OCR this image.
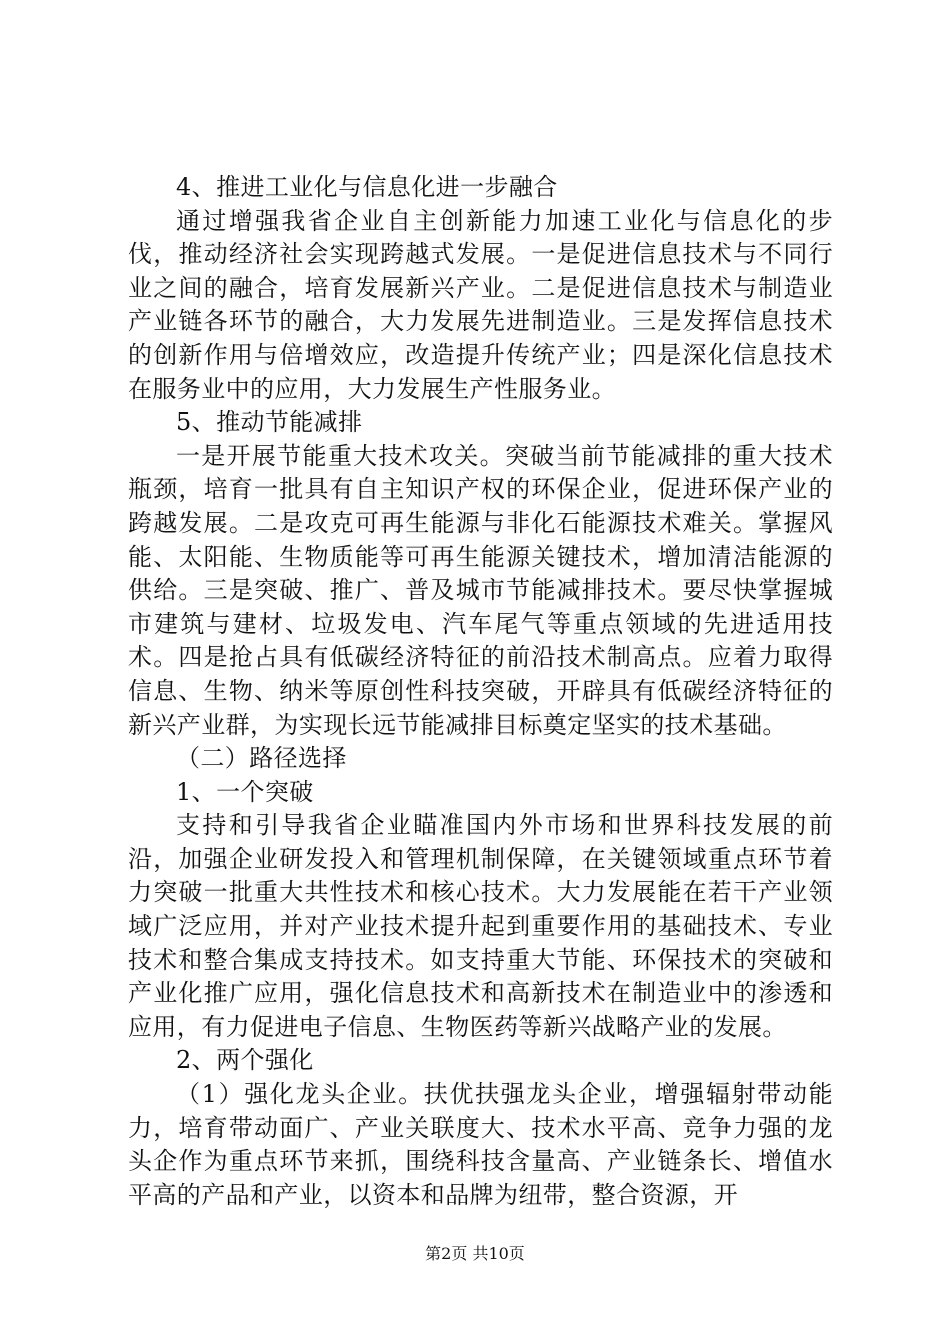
4、推进工业化与信息化进一步融合

通过增强我省企业自主创新能力加速工业化与信息化的步伐，推动经济社会实现跨越式发展。一是促进信息技术与不同行业之间的融合，培育发展新兴产业。二是促进信息技术与制造业产业链各环节的融合，大力发展先进制造业。三是发挥信息技术的创新作用与倍增效应，改造提升传统产业；四是深化信息技术在服务业中的应用，大力发展生产性服务业。

5、推动节能减排

一是开展节能重大技术攻关。突破当前节能减排的重大技术瓶颈，培育一批具有自主知识产权的环保企业，促进环保产业的跨越发展。二是攻克可再生能源与非化石能源技术难关。掌握风能、太阳能、生物质能等可再生能源关键技术，增加清洁能源的供给。三是突破、推广、普及城市节能减排技术。要尽快掌握城市建筑与建材、垃圾发电、汽车尾气等重点领域的先进适用技术。四是抢占具有低碳经济特征的前沿技术制高点。应着力取得信息、生物、纳米等原创性科技突破，开辟具有低碳经济特征的新兴产业群，为实现长远节能减排目标奠定坚实的技术基础。

（二）路径选择

1、一个突破

支持和引导我省企业瞄准国内外市场和世界科技发展的前沿，加强企业研发投入和管理机制保障，在关键领域重点环节着力突破一批重大共性技术和核心技术。大力发展能在若干产业领域广泛应用，并对产业技术提升起到重要作用的基础技术、专业技术和整合集成支持技术。如支持重大节能、环保技术的突破和产业化推广应用，强化信息技术和高新技术在制造业中的渗透和应用，有力促进电子信息、生物医药等新兴战略产业的发展。

2、两个强化

（1）强化龙头企业。扶优扶强龙头企业，增强辐射带动能力，培育带动面广、产业关联度大、技术水平高、竞争力强的龙头企作为重点环节来抓，围绕科技含量高、产业链条长、增值水平高的产品和产业，以资本和品牌为纽带，整合资源，开

第2页 共10页
